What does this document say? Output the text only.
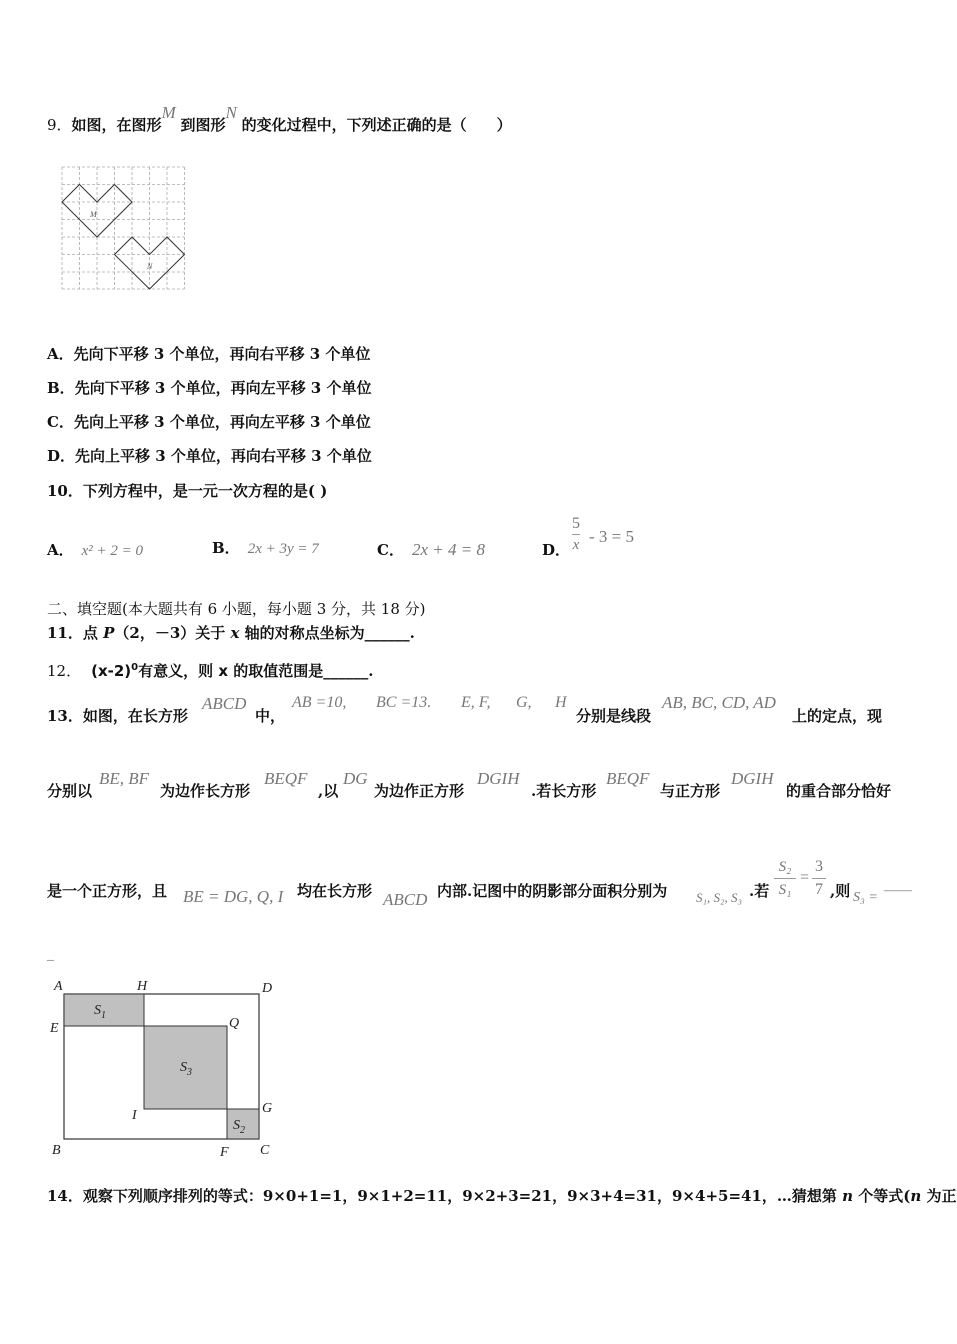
9．如图，在图形M 到图形N 的变化过程中，下列述正确的是（　　）
M
N
A．先向下平移 3 个单位，再向右平移 3 个单位
B．先向下平移 3 个单位，再向左平移 3 个单位
C．先向上平移 3 个单位，再向左平移 3 个单位
D．先向上平移 3 个单位，再向右平移 3 个单位
10．下列方程中，是一元一次方程的是( )
A． x² + 2 = 0	B． 2x + 3y = 7	C． 2x + 4 = 8	D． $\frac{5}{x} - 3 = 5$
二、填空题(本大题共有 6 小题，每小题 3 分，共 18 分)
11．点 P（2，－3）关于 x 轴的对称点坐标为______.
12． $(x-2)^0$有意义，则 x 的取值范围是______.
13．如图，在长方形
ABCD
中，
AB =10, BC =13. E, F, G, H
分别是线段
AB, BC, CD, AD
上的定点，现
分别以
BE, BF
为边作长方形
BEQF
,以
DG
为边作正方形
DGIH
.若长方形
BEQF
与正方形
DGIH
的重合部分恰好
是一个正方形，且 BE = DG, Q, I 均在长方形 ABCD 内部.记图中的阴影部分面积分别为 S₁, S₂, S₃ .若 $\frac{\text{S₂}}{\text{S₁}} = \frac{3}{7}$ ,则 S₃ = ——
_
A	H	D
E	Q
I	G
B	F C
$S_1$
$S_3$
$S_2$
14．观察下列顺序排列的等式：9×0+1=1，9×1+2=11，9×2+3=21，9×3+4=31，9×4+5=41，…猜想第 n 个等式(n 为正
